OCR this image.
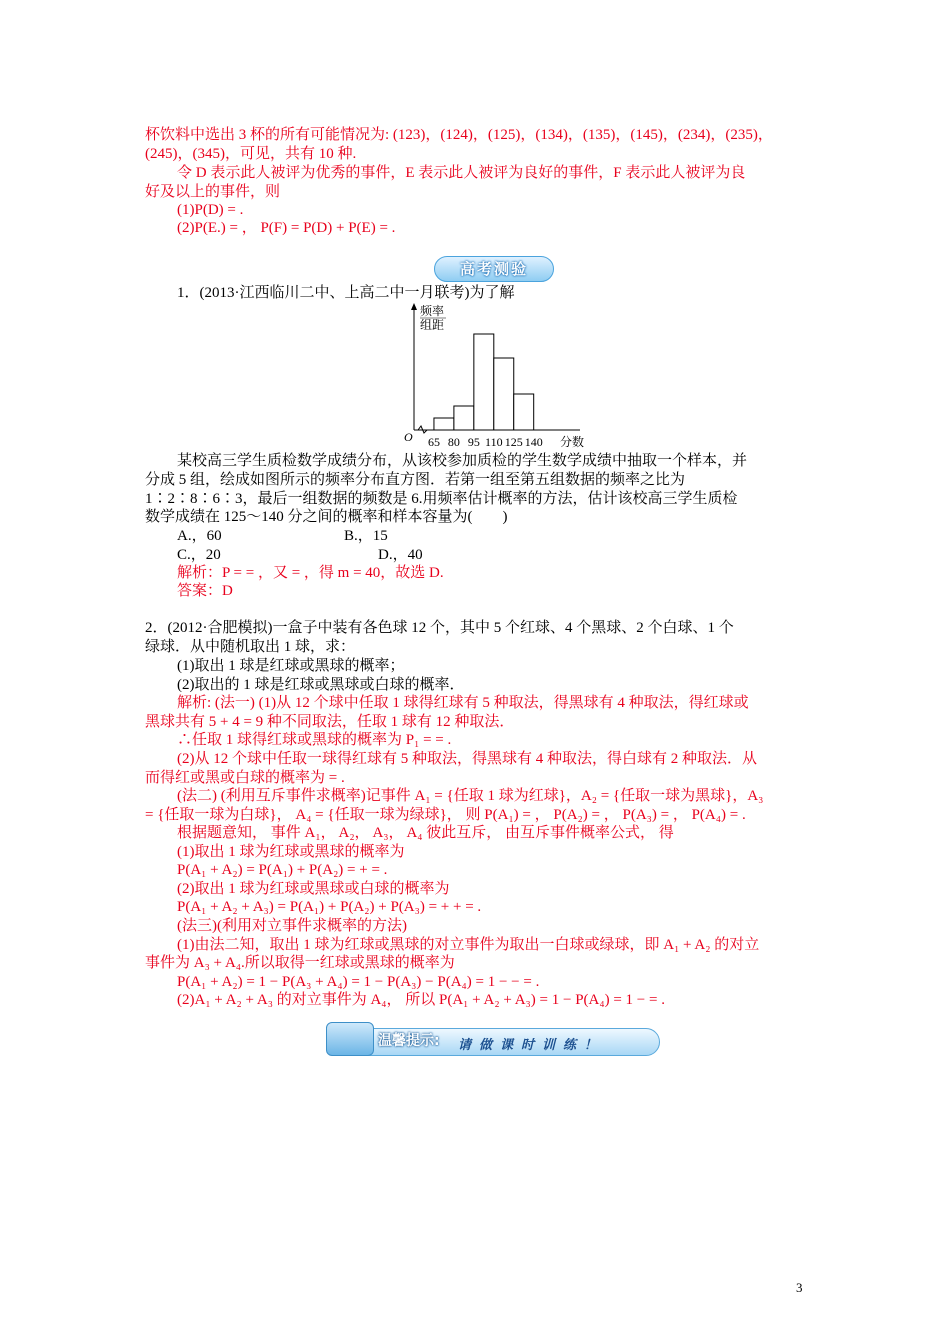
杯饮料中选出 3 杯的所有可能情况为: (123)，(124)，(125)，(134)，(135)，(145)，(234)，(235)，
(245)，(345)，可见，共有 10 种.
令 D 表示此人被评为优秀的事件，E 表示此人被评为良好的事件，F 表示此人被评为良
好及以上的事件，则
(1)P(D) = .
(2)P(E.) = ， P(F) = P(D) + P(E) = .
高考测验
1．(2013·江西临川二中、上高二中一月联考)为了解
频率
组距
O	分数
65 80 95 110 125 140
某校高三学生质检数学成绩分布，从该校参加质检的学生数学成绩中抽取一个样本，并
分成 5 组，绘成如图所示的频率分布直方图．若第一组至第五组数据的频率之比为
1∶2∶8∶6∶3，最后一组数据的频数是 6.用频率估计概率的方法，估计该校高三学生质检
数学成绩在 125～140 分之间的概率和样本容量为(　　)
A.，60	B.，15
C.，20	D.，40
解析：P = = ，又 = ，得 m = 40，故选 D.
答案：D
2．(2012·合肥模拟)一盒子中装有各色球 12 个，其中 5 个红球、4 个黑球、2 个白球、1 个
绿球．从中随机取出 1 球，求：
(1)取出 1 球是红球或黑球的概率；
(2)取出的 1 球是红球或黑球或白球的概率．
解析: (法一) (1)从 12 个球中任取 1 球得红球有 5 种取法，得黑球有 4 种取法，得红球或
黑球共有 5 + 4 = 9 种不同取法，任取 1 球有 12 种取法．
∴任取 1 球得红球或黑球的概率为 P₁ = = .
(2)从 12 个球中任取一球得红球有 5 种取法，得黑球有 4 种取法，得白球有 2 种取法．从
而得红或黑或白球的概率为 = .
(法二) (利用互斥事件求概率)记事件 A₁ = {任取 1 球为红球}，A₂ = {任取一球为黑球}，A₃
= {任取一球为白球}， A₄ = {任取一球为绿球}， 则 P(A₁) = ， P(A₂) = ， P(A₃) = ， P(A₄) = .
根据题意知， 事件 A₁， A₂， A₃， A₄ 彼此互斥， 由互斥事件概率公式， 得
(1)取出 1 球为红球或黑球的概率为
P(A₁ + A₂) = P(A₁) + P(A₂) = + = .
(2)取出 1 球为红球或黑球或白球的概率为
P(A₁ + A₂ + A₃) = P(A₁) + P(A₂) + P(A₃) = + + = .
(法三)(利用对立事件求概率的方法)
(1)由法二知，取出 1 球为红球或黑球的对立事件为取出一白球或绿球，即 A₁ + A₂ 的对立
事件为 A₃ + A₄.所以取得一红球或黑球的概率为
P(A₁ + A₂) = 1 − P(A₃ + A₄) = 1 − P(A₃) − P(A₄) = 1 − − = .
(2)A₁ + A₂ + A₃ 的对立事件为 A₄， 所以 P(A₁ + A₂ + A₃) = 1 − P(A₄) = 1 − = .
温馨提示: 请做课时训练！
3
